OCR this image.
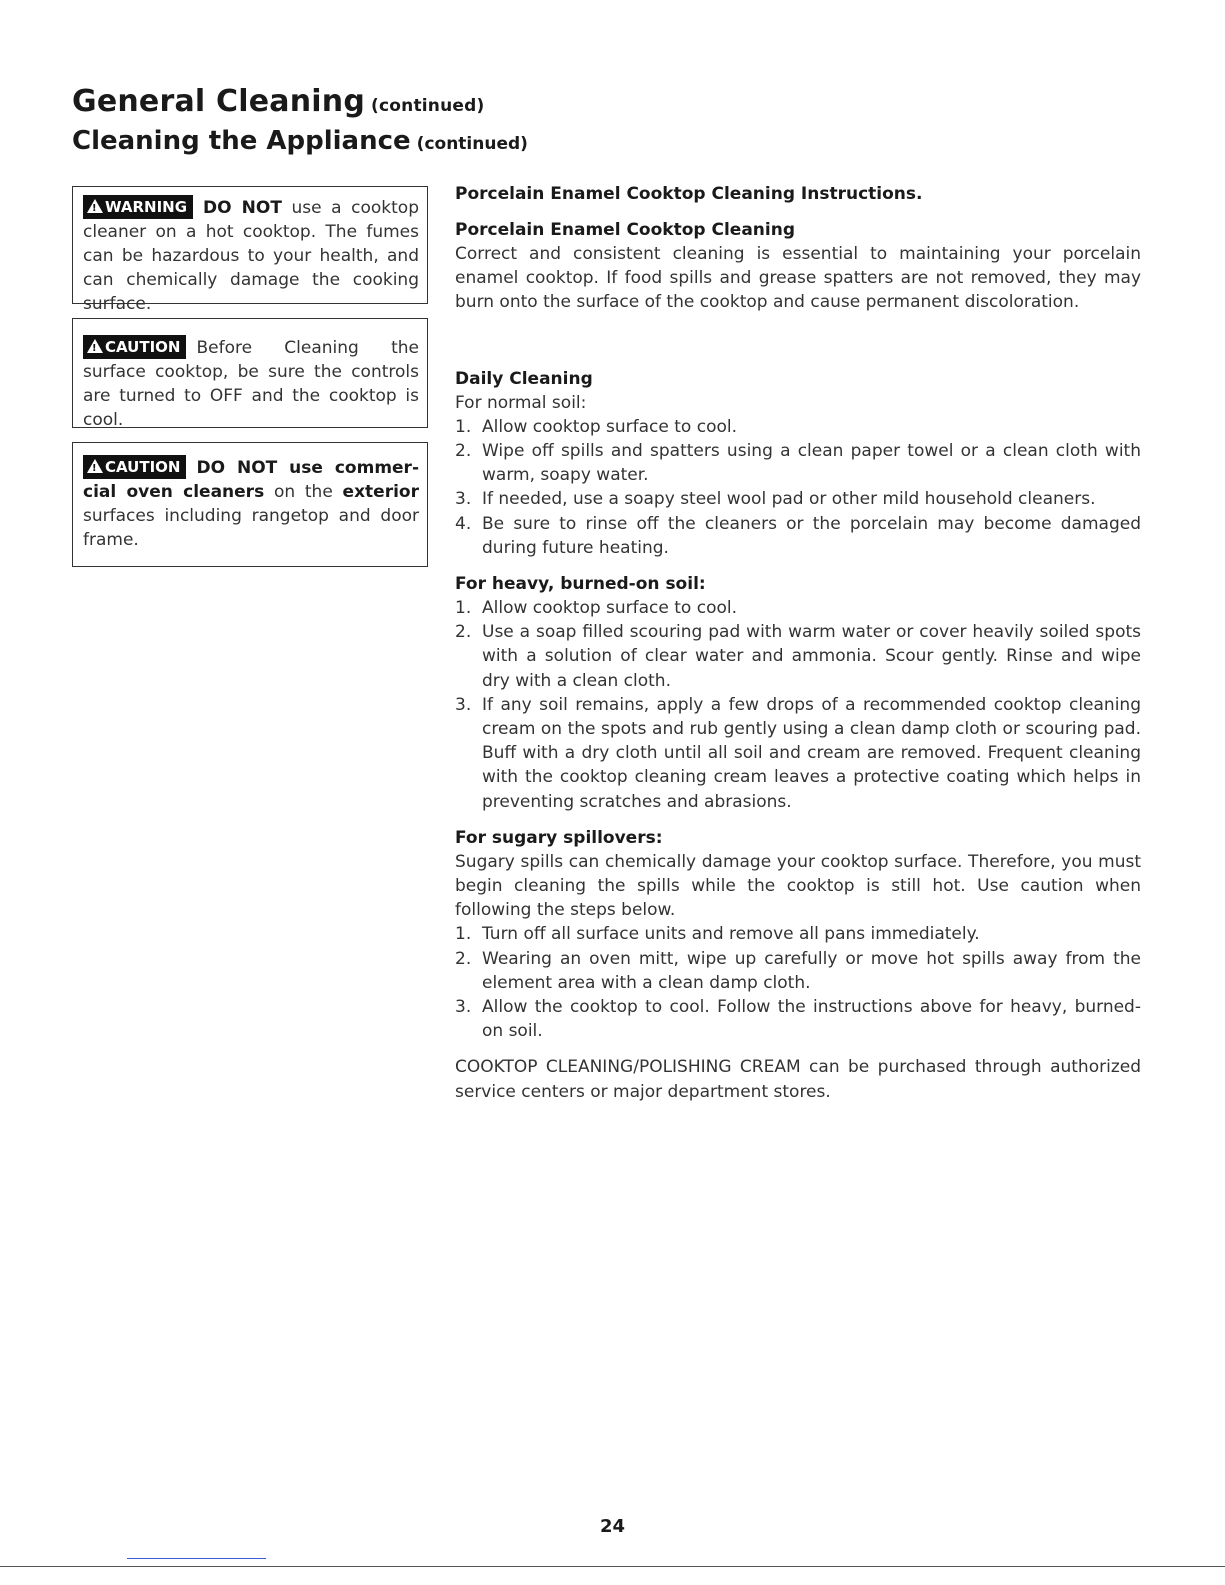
General Cleaning (continued)
Cleaning the Appliance (continued)
! WARNING DO NOT use a cooktop cleaner on a hot cooktop. The fumes can be hazardous to your health, and can chemically damage the cooking surface.
! CAUTION Before Cleaning the surface cooktop, be sure the controls are turned to OFF and the cooktop is cool.
! CAUTION DO NOT use commer-cial oven cleaners on the exterior surfaces including rangetop and door frame.
Porcelain Enamel Cooktop Cleaning Instructions.
Porcelain Enamel Cooktop Cleaning

Correct and consistent cleaning is essential to maintaining your porcelain enamel cooktop. If food spills and grease spatters are not removed, they may burn onto the surface of the cooktop and cause permanent discoloration.

Daily Cleaning

For normal soil:

1. Allow cooktop surface to cool.
2. Wipe off spills and spatters using a clean paper towel or a clean cloth with warm, soapy water.
3. If needed, use a soapy steel wool pad or other mild household cleaners.
4. Be sure to rinse off the cleaners or the porcelain may become damaged during future heating.
For heavy, burned-on soil:
1. Allow cooktop surface to cool.
2. Use a soap filled scouring pad with warm water or cover heavily soiled spots with a solution of clear water and ammonia. Scour gently. Rinse and wipe dry with a clean cloth.
3. If any soil remains, apply a few drops of a recommended cooktop cleaning cream on the spots and rub gently using a clean damp cloth or scouring pad. Buff with a dry cloth until all soil and cream are removed. Frequent cleaning with the cooktop cleaning cream leaves a protective coating which helps in preventing scratches and abrasions.
For sugary spillovers:

Sugary spills can chemically damage your cooktop surface. Therefore, you must begin cleaning the spills while the cooktop is still hot. Use caution when following the steps below.

1. Turn off all surface units and remove all pans immediately.
2. Wearing an oven mitt, wipe up carefully or move hot spills away from the element area with a clean damp cloth.
3. Allow the cooktop to cool. Follow the instructions above for heavy, burned-on soil.

COOKTOP CLEANING/POLISHING CREAM can be purchased through authorized service centers or major department stores.

24
